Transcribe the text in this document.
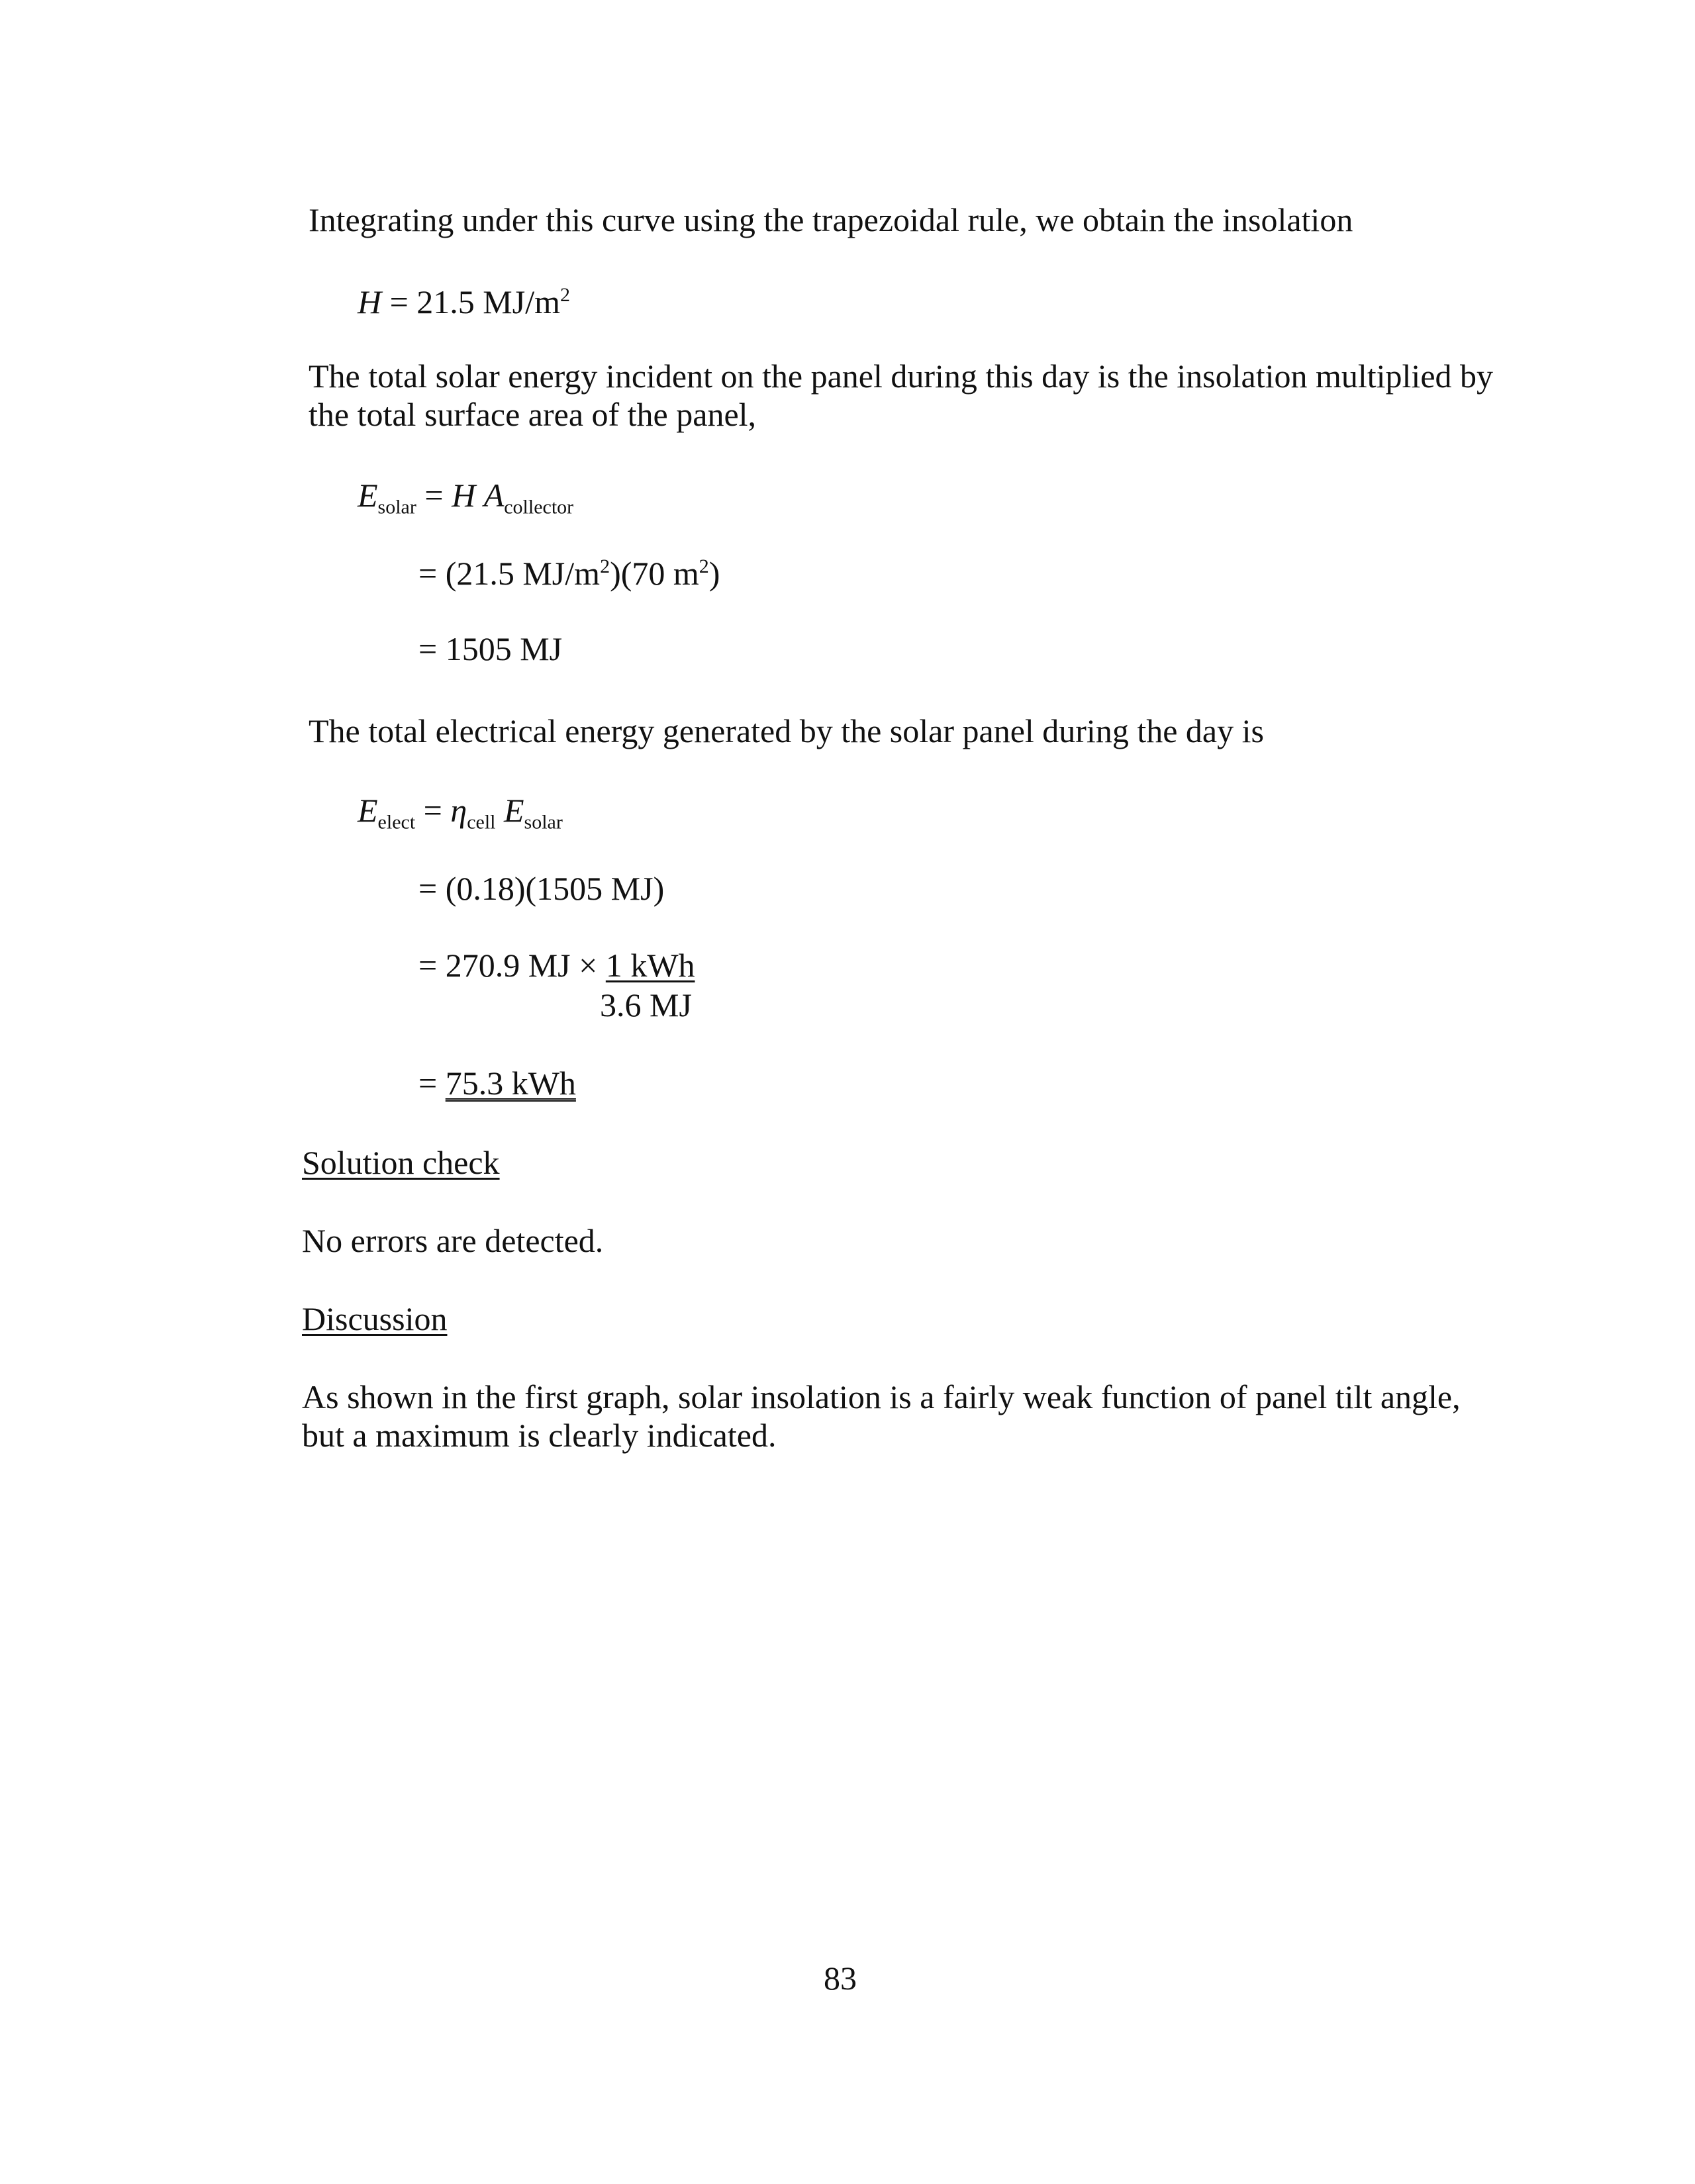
Integrating under this curve using the trapezoidal rule, we obtain the insolation
H = 21.5 $MJ/m^2$
The total solar energy incident on the panel during this day is the insolation multiplied by the total surface area of the panel,
$E_{solar} = H$ $A_{collector}$
= (21.5 $MJ/m^2)(70$ $m^2$)
= 1505 MJ
The total electrical energy generated by the solar panel during the day is
$E_{elect} = \eta_{cell}$ $E_{solar}$
= (0.18)(1505 MJ)
= 270.9 MJ × 1 kWh
3.6 MJ
= 75.3 kWh
Solution check
No errors are detected.
Discussion
As shown in the first graph, solar insolation is a fairly weak function of panel tilt angle, but a maximum is clearly indicated.
83
